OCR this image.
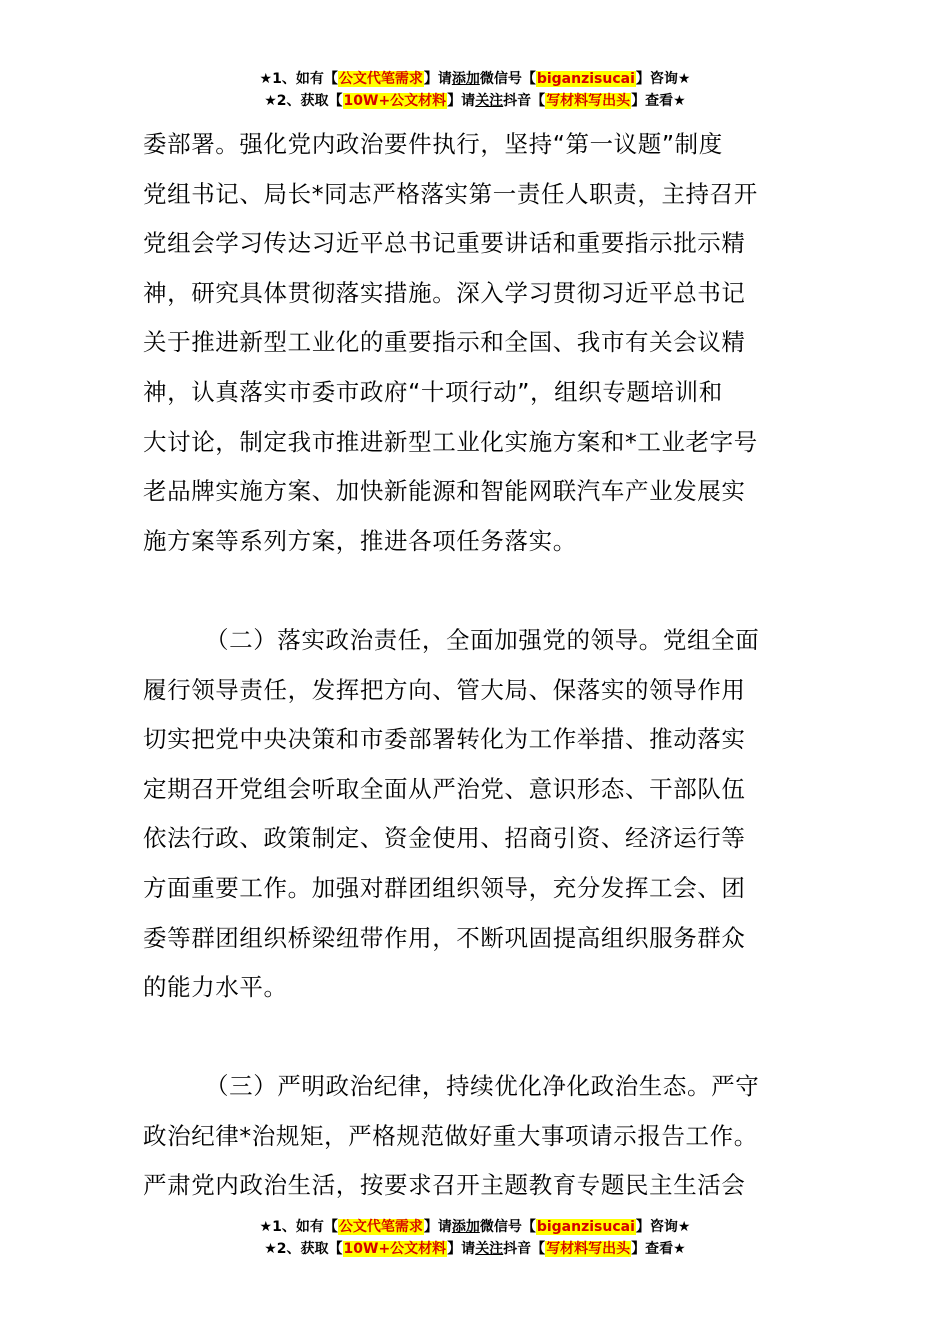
★1、如有【公文代笔需求】请添加微信号【biganzisucai】咨询★
★2、获取【10W+公文材料】请关注抖音【写材料写出头】查看★
委部署。强化党内政治要件执行，坚持“第一议题”制度
党组书记、局长*同志严格落实第一责任人职责，主持召开
党组会学习传达习近平总书记重要讲话和重要指示批示精
神，研究具体贯彻落实措施。深入学习贯彻习近平总书记
关于推进新型工业化的重要指示和全国、我市有关会议精
神，认真落实市委市政府“十项行动”，组织专题培训和
大讨论，制定我市推进新型工业化实施方案和*工业老字号
老品牌实施方案、加快新能源和智能网联汽车产业发展实
施方案等系列方案，推进各项任务落实。
（二）落实政治责任，全面加强党的领导。党组全面
履行领导责任，发挥把方向、管大局、保落实的领导作用
切实把党中央决策和市委部署转化为工作举措、推动落实
定期召开党组会听取全面从严治党、意识形态、干部队伍
依法行政、政策制定、资金使用、招商引资、经济运行等
方面重要工作。加强对群团组织领导，充分发挥工会、团
委等群团组织桥梁纽带作用，不断巩固提高组织服务群众
的能力水平。
（三）严明政治纪律，持续优化净化政治生态。严守
政治纪律*治规矩，严格规范做好重大事项请示报告工作。
严肃党内政治生活，按要求召开主题教育专题民主生活会
★1、如有【公文代笔需求】请添加微信号【biganzisucai】咨询★
★2、获取【10W+公文材料】请关注抖音【写材料写出头】查看★
